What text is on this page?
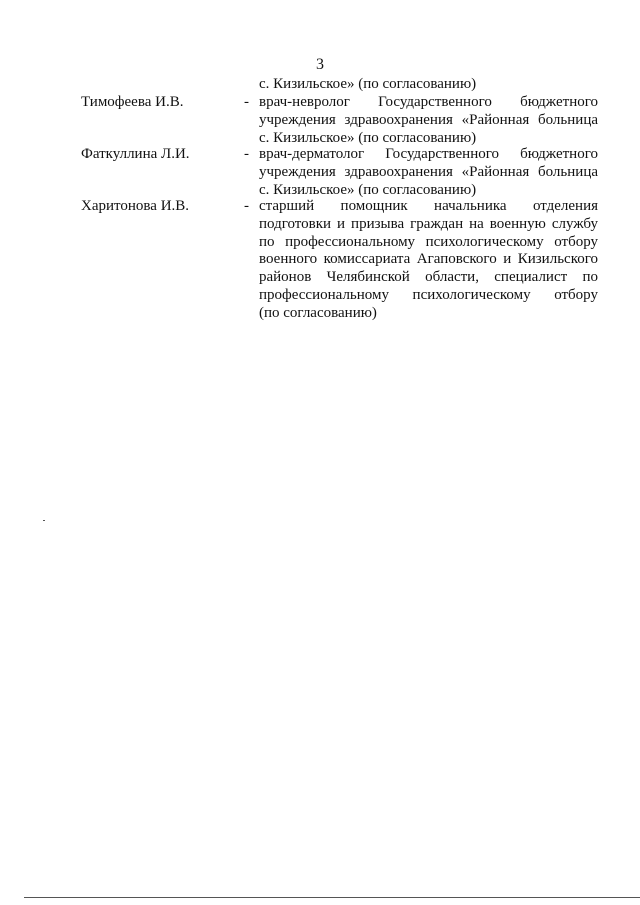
3
с. Кизильское» (по согласованию)
Тимофеева И.В.	- врач-невролог Государственного бюджетного
учреждения здравоохранения «Районная больница
с. Кизильское» (по согласованию)
Фаткуллина Л.И.	- врач-дерматолог Государственного бюджетного
учреждения здравоохранения «Районная больница
с. Кизильское» (по согласованию)
Харитонова И.В.	- старший помощник начальника отделения
подготовки и призыва граждан на военную службу
по профессиональному психологическому отбору
военного комиссариата Агаповского и Кизильского
районов Челябинской области, специалист по
профессиональному психологическому отбору
(по согласованию)
